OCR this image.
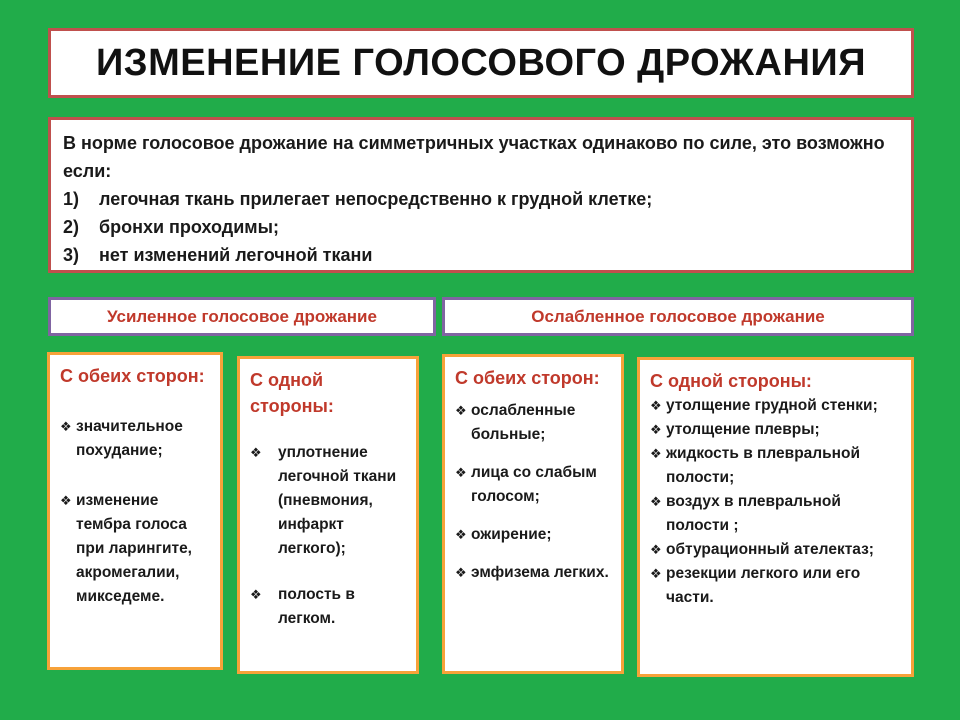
ИЗМЕНЕНИЕ ГОЛОСОВОГО ДРОЖАНИЯ

В норме голосовое дрожание на симметричных участках одинаково по силе, это возможно если:

1)	легочная ткань прилегает непосредственно к грудной клетке;
2)	бронхи проходимы;
3)	нет изменений легочной ткани
Усиленное голосовое дрожание	Ослабленное голосовое дрожание

С обеих сторон:

❖ значительное похудание;
❖ изменение тембра голоса при ларингите, акромегалии, микседеме.

С одной стороны:

❖	уплотнение легочной ткани (пневмония, инфаркт легкого);
❖	полость в легком.

С обеих сторон:

❖ ослабленные больные;
❖ лица со слабым голосом;
❖ ожирение;
❖ эмфизема легких.

С одной стороны:

❖ утолщение грудной стенки;
❖ утолщение плевры;
❖ жидкость в плевральной полости;
❖ воздух в плевральной полости ;
❖ обтурационный ателектаз;
❖ резекции легкого или его части.
